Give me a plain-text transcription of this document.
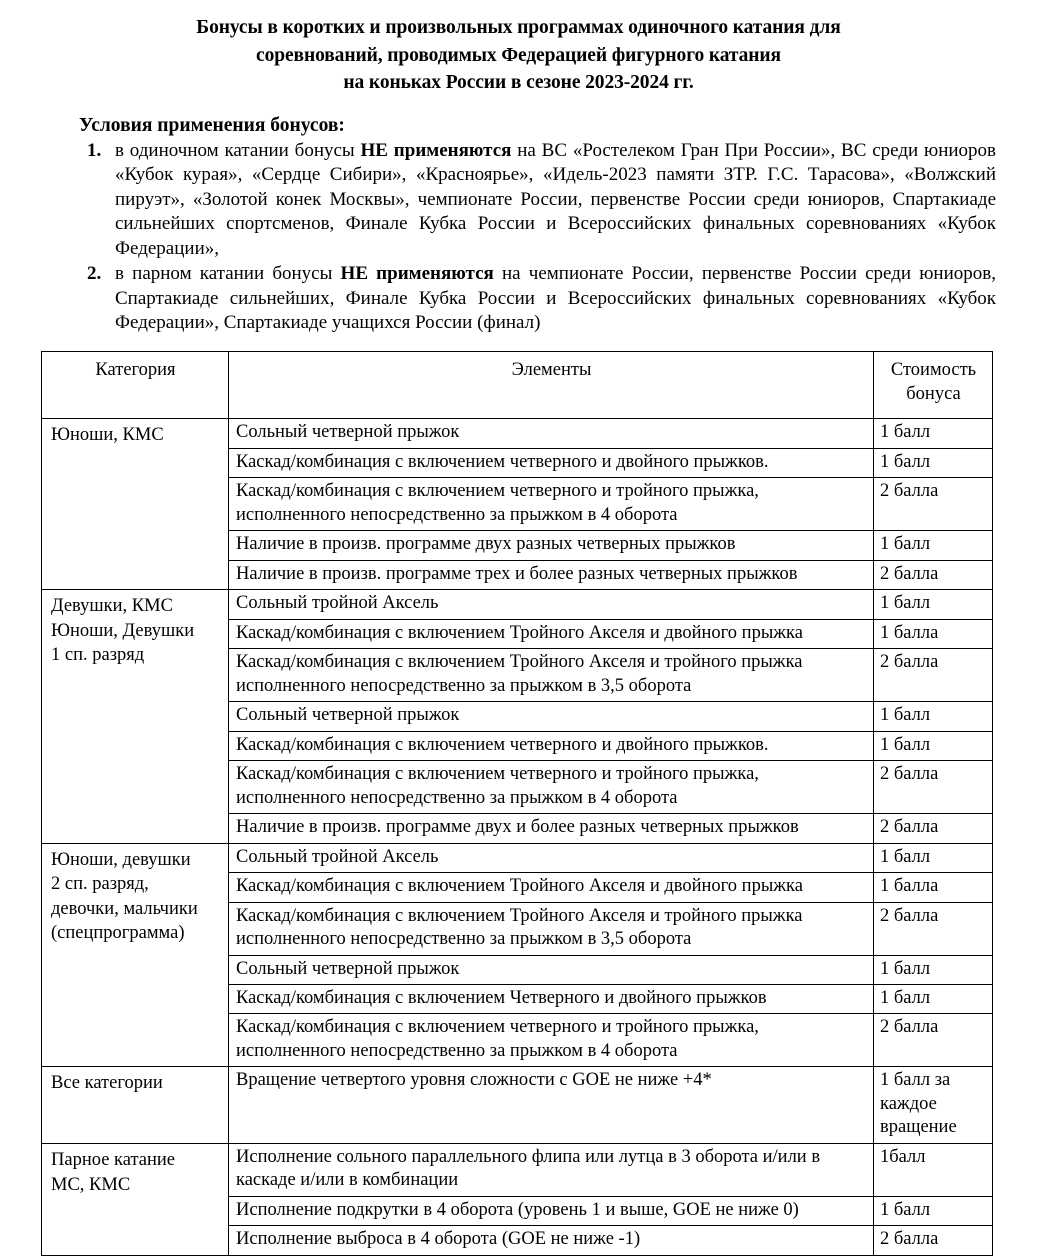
Бонусы в коротких и произвольных программах одиночного катания для
соревнований, проводимых Федерацией фигурного катания
на коньках России в сезоне 2023-2024 гг.
Условия применения бонусов:
в одиночном катании бонусы НЕ применяются на ВС «Ростелеком Гран При России», ВС среди юниоров «Кубок курая», «Сердце Сибири», «Красноярье», «Идель-2023 памяти ЗТР. Г.С. Тарасова», «Волжский пируэт», «Золотой конек Москвы», чемпионате России, первенстве России среди юниоров, Спартакиаде сильнейших спортсменов, Финале Кубка России и Всероссийских финальных соревнованиях «Кубок Федерации»,
в парном катании бонусы НЕ применяются на чемпионате России, первенстве России среди юниоров, Спартакиаде сильнейших, Финале Кубка России и Всероссийских финальных соревнованиях «Кубок Федерации», Спартакиаде учащихся России (финал)
Категория	Элементы	Стоимость
бонуса

Юноши, КМС	Сольный четверной прыжок	1 балл
	Каскад/комбинация с включением четверного и двойного прыжков.	1 балл
	Каскад/комбинация с включением четверного и тройного прыжка, исполненного непосредственно за прыжком в 4 оборота	2 балла
	Наличие в произв. программе двух разных четверных прыжков	1 балл
	Наличие в произв. программе трех и более разных четверных прыжков	2 балла

Девушки, КМС
Юноши, Девушки
1 сп. разряд	Сольный тройной Аксель	1 балл
	Каскад/комбинация с включением Тройного Акселя и двойного прыжка	1 балла
	Каскад/комбинация с включением Тройного Акселя и тройного прыжка исполненного непосредственно за прыжком в 3,5 оборота	2 балла
	Сольный четверной прыжок	1 балл
	Каскад/комбинация с включением четверного и двойного прыжков.	1 балл
	Каскад/комбинация с включением четверного и тройного прыжка, исполненного непосредственно за прыжком в 4 оборота	2 балла
	Наличие в произв. программе двух и более разных четверных прыжков	2 балла

Юноши, девушки
2 сп. разряд,
девочки, мальчики
(спецпрограмма)	Сольный тройной Аксель	1 балл
	Каскад/комбинация с включением Тройного Акселя и двойного прыжка	1 балла
	Каскад/комбинация с включением Тройного Акселя и тройного прыжка исполненного непосредственно за прыжком в 3,5 оборота	2 балла
	Сольный четверной прыжок	1 балл
	Каскад/комбинация с включением Четверного и двойного прыжков	1 балл
	Каскад/комбинация с включением четверного и тройного прыжка, исполненного непосредственно за прыжком в 4 оборота	2 балла

Все категории	Вращение четвертого уровня сложности с GOE не ниже +4*	1 балл за каждое вращение

Парное катание
МС, КМС	Исполнение сольного параллельного флипа или лутца в 3 оборота и/или в каскаде и/или в комбинации	1балл
	Исполнение подкрутки в 4 оборота (уровень 1 и выше, GOE не ниже 0)	1 балл
	Исполнение выброса в 4 оборота (GOE не ниже -1)	2 балла
